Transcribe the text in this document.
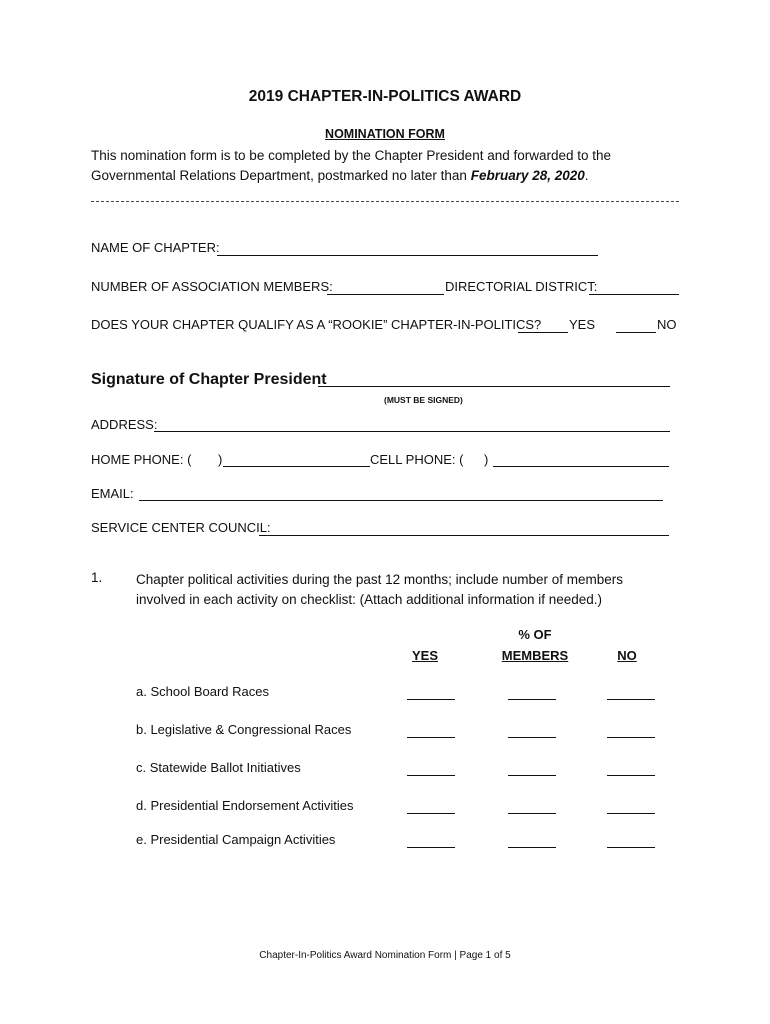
2019 CHAPTER-IN-POLITICS AWARD
NOMINATION FORM
This nomination form is to be completed by the Chapter President and forwarded to the
Governmental Relations Department, postmarked no later than February 28, 2020.
NAME OF CHAPTER:
NUMBER OF ASSOCIATION MEMBERS:	DIRECTORIAL DISTRICT:
DOES YOUR CHAPTER QUALIFY AS A “ROOKIE” CHAPTER-IN-POLITICS? YES	NO
Signature of Chapter President
(MUST BE SIGNED)
ADDRESS:
HOME PHONE: ( )	CELL PHONE: ( )
EMAIL:
SERVICE CENTER COUNCIL:
1. Chapter political activities during the past 12 months; include number of members
involved in each activity on checklist: (Attach additional information if needed.)
% OF
YES	MEMBERS	NO
a. School Board Races
b. Legislative & Congressional Races
c. Statewide Ballot Initiatives
d. Presidential Endorsement Activities
e. Presidential Campaign Activities
Chapter-In-Politics Award Nomination Form | Page 1 of 5
